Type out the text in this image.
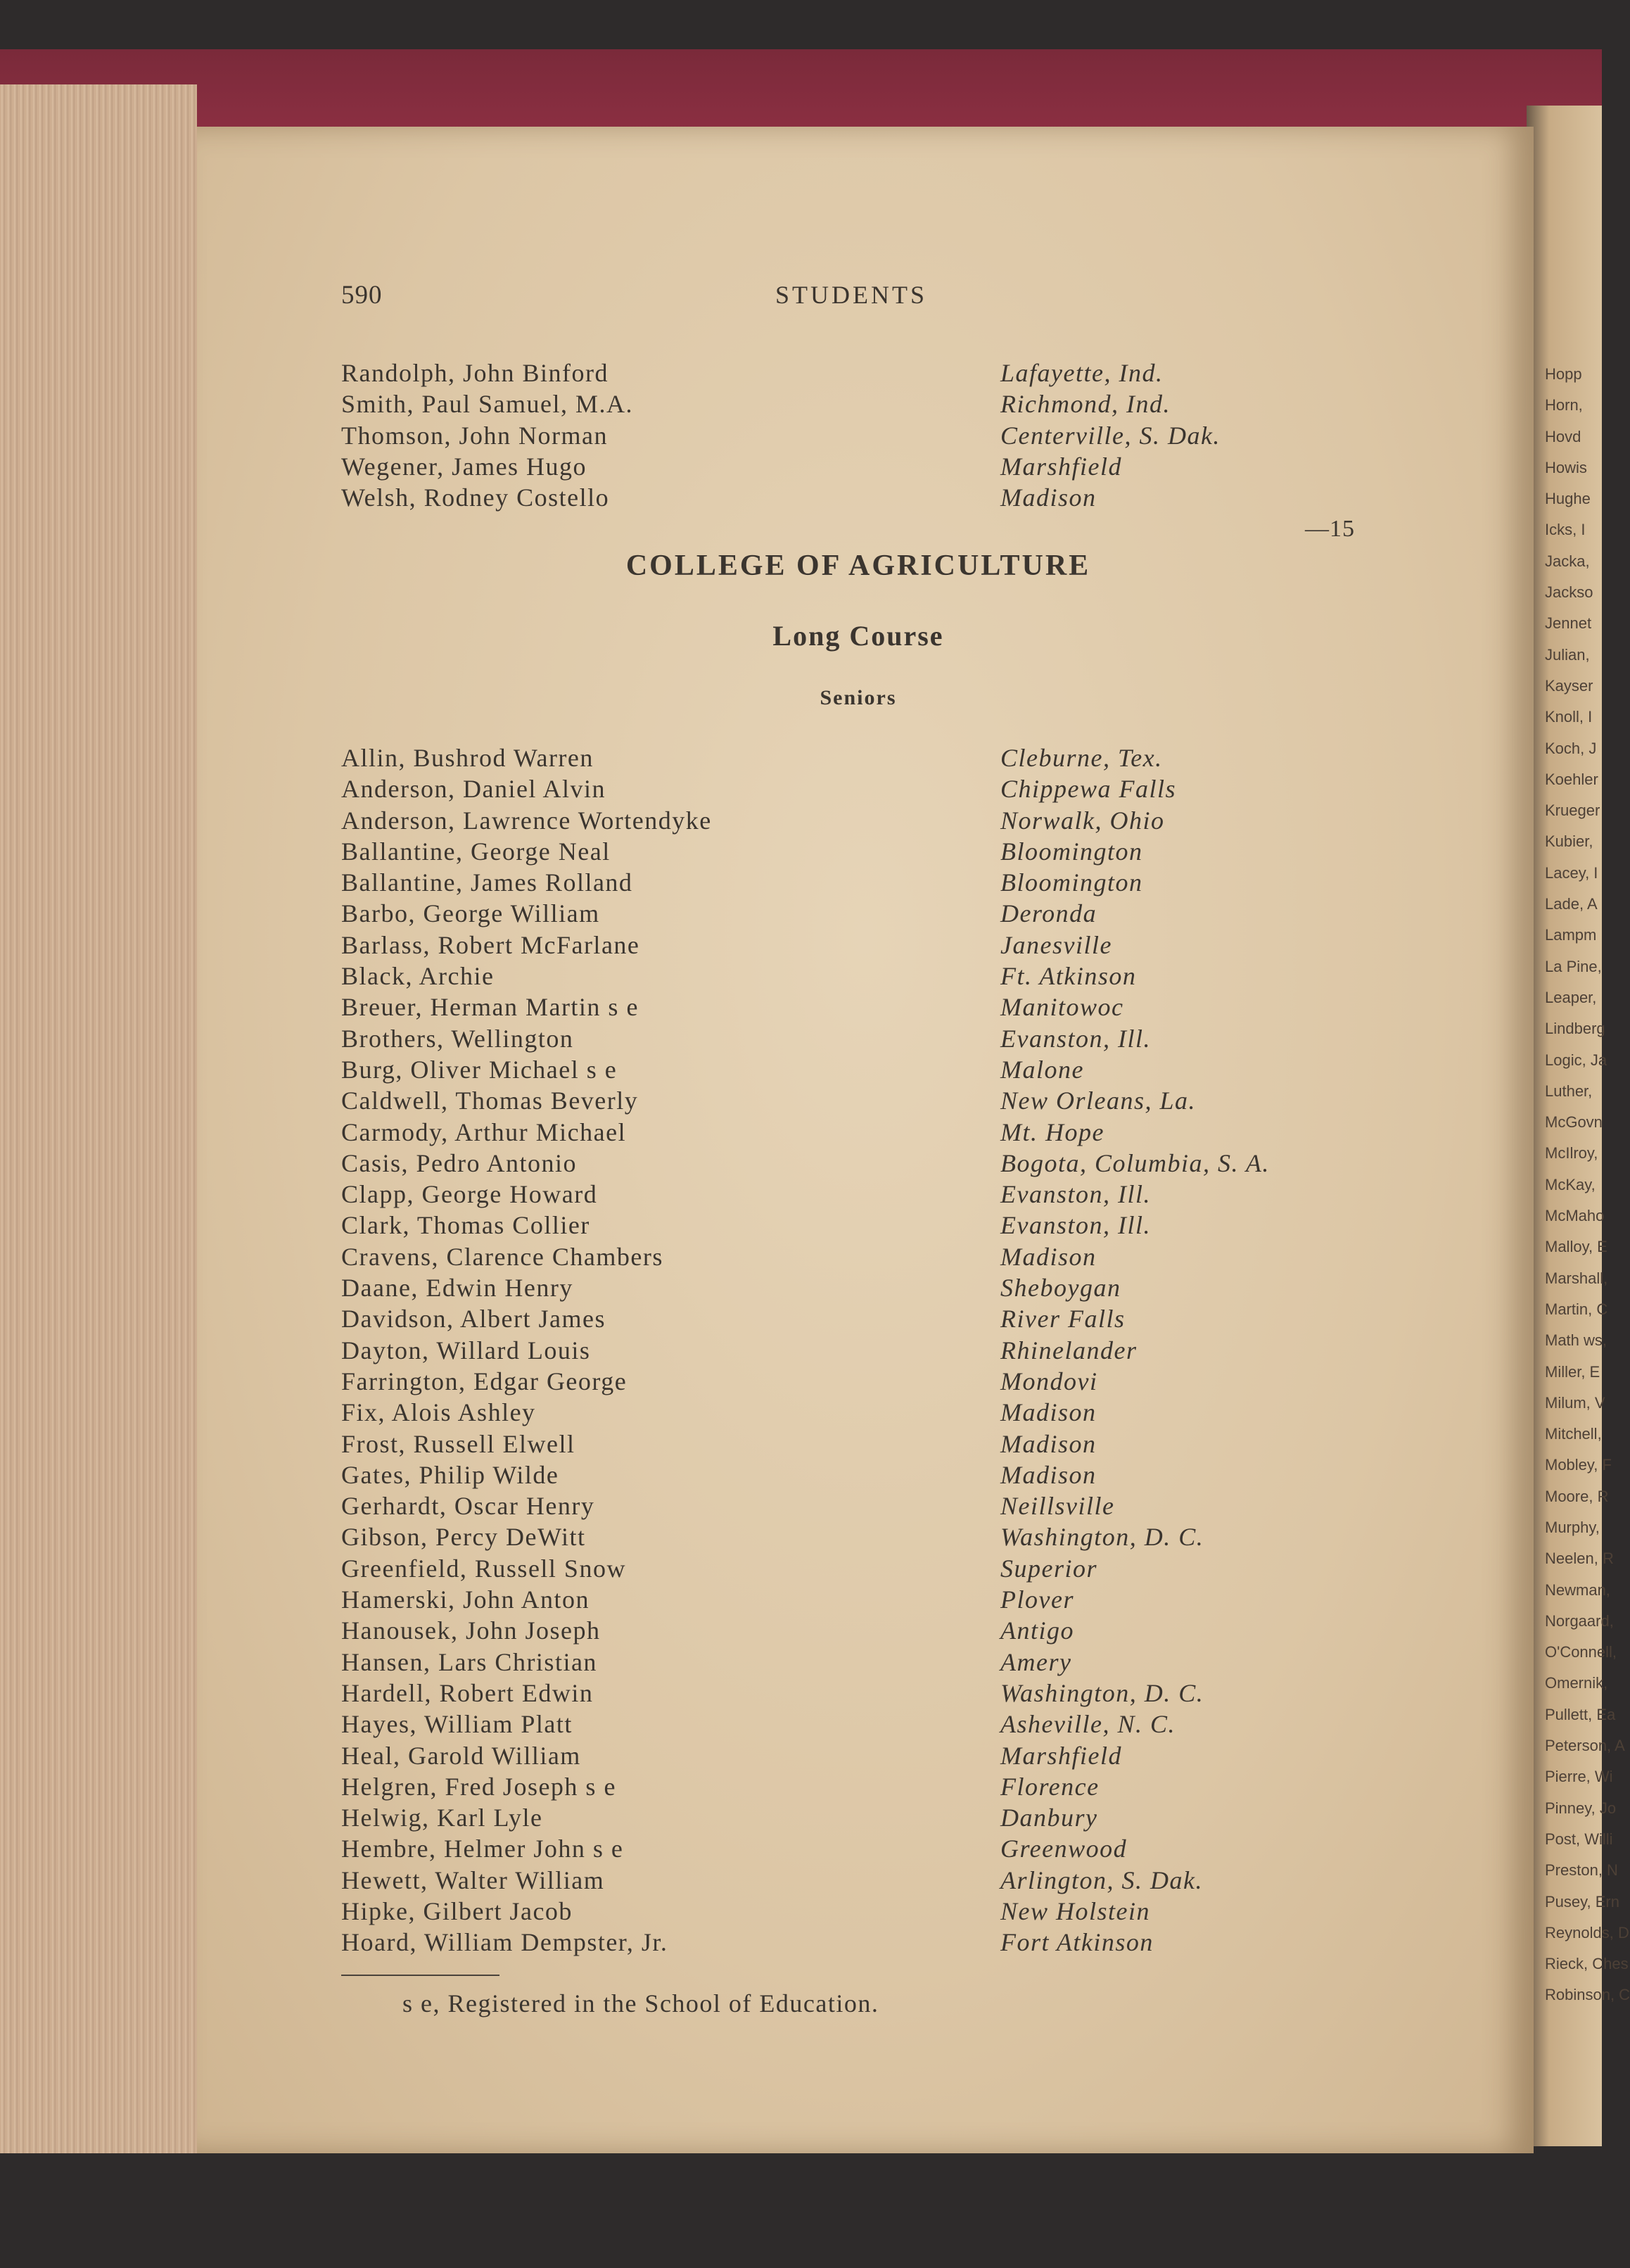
Hopp
Horn,
Hovd
Howis
Hughe
Icks, I
Jacka,
Jackso
Jennet
Julian,
Kayser
Knoll, I
Koch, J
Koehler
Krueger
Kubier,
Lacey, I
Lade, A
Lampm
La Pine,
Leaper,
Lindberg
Logic, Ja
Luther,
McGovn
McIlroy,
McKay,
McMaho
Malloy, E
Marshall,
Martin, C
Math ws,
Miller, E
Milum, V
Mitchell,
Mobley, F
Moore, R
Murphy,
Neelen, R
Newman,
Norgaard,
O'Connell,
Omernik,
Pullett, Ea
Peterson, A
Pierre, Wi
Pinney, Jo
Post, Willi
Preston, N
Pusey, Ern
Reynolds, D
Rieck, Ches
Robinson, C
590	STUDENTS
Randolph, John Binford	Lafayette, Ind.
Smith, Paul Samuel, M.A.	Richmond, Ind.
Thomson, John Norman	Centerville, S. Dak.
Wegener, James Hugo	Marshfield
Welsh, Rodney Costello	Madison
—15
COLLEGE OF AGRICULTURE
Long Course
Seniors
Allin, Bushrod Warren	Cleburne, Tex.
Anderson, Daniel Alvin	Chippewa Falls
Anderson, Lawrence Wortendyke	Norwalk, Ohio
Ballantine, George Neal	Bloomington
Ballantine, James Rolland	Bloomington
Barbo, George William	Deronda
Barlass, Robert McFarlane	Janesville
Black, Archie	Ft. Atkinson
Breuer, Herman Martin s e	Manitowoc
Brothers, Wellington	Evanston, Ill.
Burg, Oliver Michael s e	Malone
Caldwell, Thomas Beverly	New Orleans, La.
Carmody, Arthur Michael	Mt. Hope
Casis, Pedro Antonio	Bogota, Columbia, S. A.
Clapp, George Howard	Evanston, Ill.
Clark, Thomas Collier	Evanston, Ill.
Cravens, Clarence Chambers	Madison
Daane, Edwin Henry	Sheboygan
Davidson, Albert James	River Falls
Dayton, Willard Louis	Rhinelander
Farrington, Edgar George	Mondovi
Fix, Alois Ashley	Madison
Frost, Russell Elwell	Madison
Gates, Philip Wilde	Madison
Gerhardt, Oscar Henry	Neillsville
Gibson, Percy DeWitt	Washington, D. C.
Greenfield, Russell Snow	Superior
Hamerski, John Anton	Plover
Hanousek, John Joseph	Antigo
Hansen, Lars Christian	Amery
Hardell, Robert Edwin	Washington, D. C.
Hayes, William Platt	Asheville, N. C.
Heal, Garold William	Marshfield
Helgren, Fred Joseph s e	Florence
Helwig, Karl Lyle	Danbury
Hembre, Helmer John s e	Greenwood
Hewett, Walter William	Arlington, S. Dak.
Hipke, Gilbert Jacob	New Holstein
Hoard, William Dempster, Jr.	Fort Atkinson
s e, Registered in the School of Education.
